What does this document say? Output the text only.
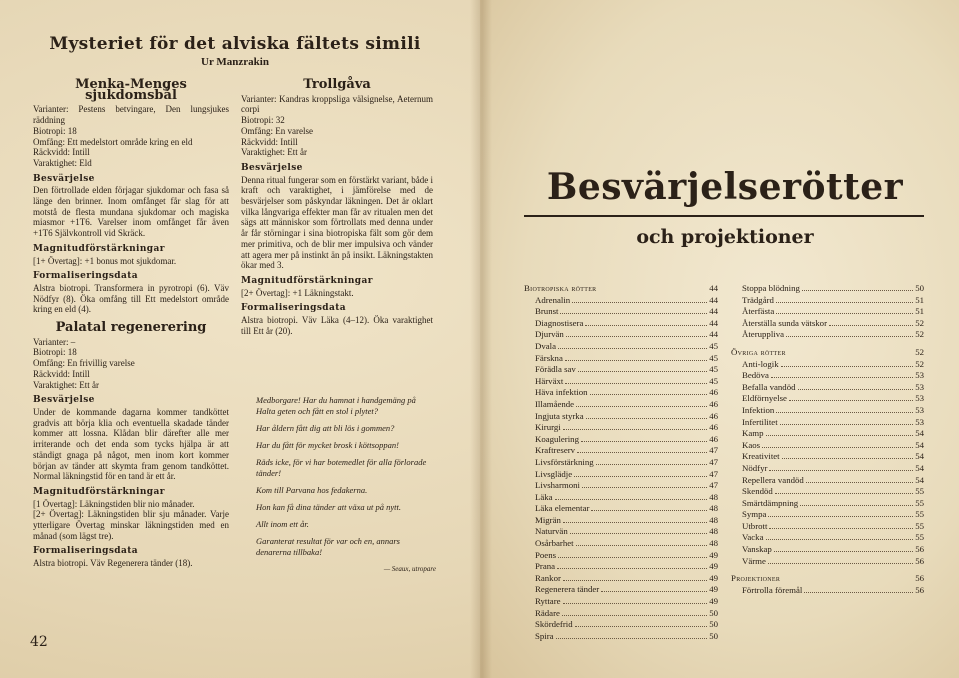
Mysteriet för det alviska fältets simili
Ur Manzrakin
Menka-Menges sjukdomsbål
Varianter: Pestens betvingare, Den lungsjukes räddning
Biotropi: 18
Omfång: Ett medelstort område kring en eld
Räckvidd: Intill
Varaktighet: Eld
Besvärjelse
Den förtrollade elden förjagar sjukdomar och fasa så länge den brinner. Inom omfånget får slag för att motstå de flesta mundana sjukdomar och magiska miasmor +1T6. Varelser inom omfånget får även +1T6 Självkontroll vid Skräck.
Magnitudförstärkningar
[1+ Övertag]: +1 bonus mot sjukdomar.
Formaliseringsdata
Alstra biotropi. Transformera in pyrotropi (6). Väv Nödfyr (8). Öka omfång till Ett medelstort område kring en eld (4).
Palatal regenerering
Varianter: –
Biotropi: 18
Omfång: En frivillig varelse
Räckvidd: Intill
Varaktighet: Ett år
Besvärjelse
Under de kommande dagarna kommer tandköttet gradvis att börja klia och eventuella skadade tänder kommer att lossna. Klådan blir därefter alle mer irriterande och det enda som tycks hjälpa är att ständigt gnaga på något, men inom kort kommer början av tänder att skymta fram genom tandköttet. Normal läkningstid för en tand är ett år.
Magnitudförstärkningar
[1 Övertag]: Läkningstiden blir nio månader.
[2+ Övertag]: Läkningstiden blir sju månader. Varje ytterligare Övertag minskar läkningstiden med en månad (som lägst tre).
Formaliseringsdata
Alstra biotropi. Väv Regenerera tänder (18).
Trollgåva
Varianter: Kandras kroppsliga välsignelse, Aeternum corpi
Biotropi: 32
Omfång: En varelse
Räckvidd: Intill
Varaktighet: Ett år
Besvärjelse
Denna ritual fungerar som en förstärkt variant, både i kraft och varaktighet, i jämförelse med de besvärjelser som påskyndar läkningen. Det är oklart vilka långvariga effekter man får av ritualen men det sägs att människor som förtrollats med denna under år får störningar i sina biotropiska fält som gör dem mer primitiva, och de blir mer impulsiva och vänder att agera mer på instinkt än på insikt. Läkningstakten ökar med 3.
Magnitudförstärkningar
[2+ Övertag]: +1 Läkningstakt.
Formaliseringsdata
Alstra biotropi. Väv Läka (4–12). Öka varaktighet till Ett år (20).
Medborgare! Har du hamnat i handgemäng på Halta geten och fått en stol i plytet?
Har åldern fått dig att bli lös i gommen?
Har du fått för mycket brosk i köttsoppan!
Räds icke, för vi har botemedlet för alla förlorade tänder!
Kom till Parvana hos fedakerna.
Hon kan få dina tänder att växa ut på nytt.
Allt inom ett år.
Garanterat resultat för var och en, annars denarerna tillbaka!
— Seaux, utropare
42
Besvärjelserötter
och projektioner
Biotropiska rötter	44
Adrenalin	44
Brunst	44
Diagnostisera	44
Djurvän	44
Dvala	45
Färskna	45
Förädla sav	45
Härväxt	45
Häva infektion	46
Illamående	46
Ingjuta styrka	46
Kirurgi	46
Koagulering	46
Kraftreserv	47
Livsförstärkning	47
Livsglädje	47
Livsharmoni	47
Läka	48
Läka elementar	48
Migrän	48
Naturvän	48
Osårbarhet	48
Poens	49
Prana	49
Rankor	49
Regenerera tänder	49
Ryttare	49
Rädare	50
Skördefrid	50
Spira	50
Stoppa blödning	50
Trädgård	51
Återfästa	51
Återställa sunda vätskor	52
Återuppliva	52
Övriga rötter	52
Anti-logik	52
Bedöva	53
Befalla vandöd	53
Eldförnyelse	53
Infektion	53
Infertilitet	53
Kamp	54
Kaos	54
Kreativitet	54
Nödfyr	54
Repellera vandöd	54
Skendöd	55
Smärtdämpning	55
Sympa	55
Utbrott	55
Vacka	55
Vanskap	56
Värme	56
Projektioner	56
Förtrolla föremål	56
